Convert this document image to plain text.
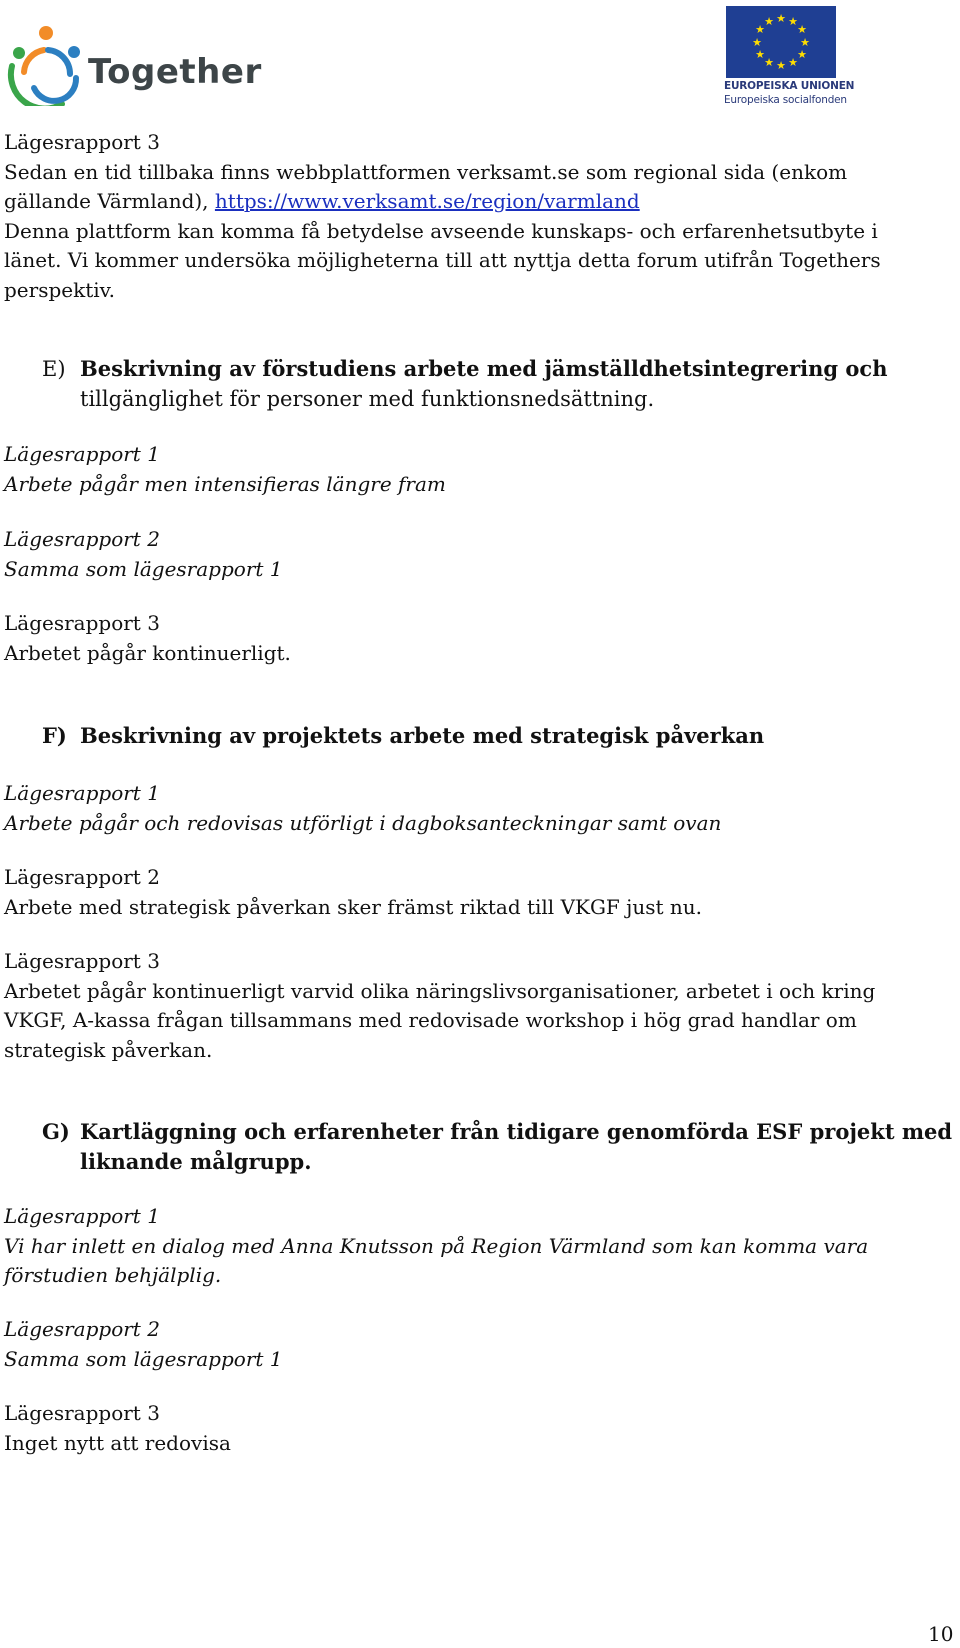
Together
★ ★
★
★
★
★
★
★
★
★
★
★
EUROPEISKA UNIONEN
Europeiska socialfonden
Lägesrapport 3
Sedan en tid tillbaka finns webbplattformen verksamt.se som regional sida (enkom
gällande Värmland), https://www.verksamt.se/region/varmland
Denna plattform kan komma få betydelse avseende kunskaps- och erfarenhetsutbyte i
länet. Vi kommer undersöka möjligheterna till att nyttja detta forum utifrån Togethers
perspektiv.
E) Beskrivning av förstudiens arbete med jämställdhetsintegrering och
tillgänglighet för personer med funktionsnedsättning.
Lägesrapport 1
Arbete pågår men intensifieras längre fram
Lägesrapport 2
Samma som lägesrapport 1
Lägesrapport 3
Arbetet pågår kontinuerligt.
F) Beskrivning av projektets arbete med strategisk påverkan
Lägesrapport 1
Arbete pågår och redovisas utförligt i dagboksanteckningar samt ovan
Lägesrapport 2
Arbete med strategisk påverkan sker främst riktad till VKGF just nu.
Lägesrapport 3
Arbetet pågår kontinuerligt varvid olika näringslivsorganisationer, arbetet i och kring
VKGF, A-kassa frågan tillsammans med redovisade workshop i hög grad handlar om
strategisk påverkan.
G) Kartläggning och erfarenheter från tidigare genomförda ESF projekt med
liknande målgrupp.
Lägesrapport 1
Vi har inlett en dialog med Anna Knutsson på Region Värmland som kan komma vara
förstudien behjälplig.
Lägesrapport 2
Samma som lägesrapport 1
Lägesrapport 3
Inget nytt att redovisa
10
